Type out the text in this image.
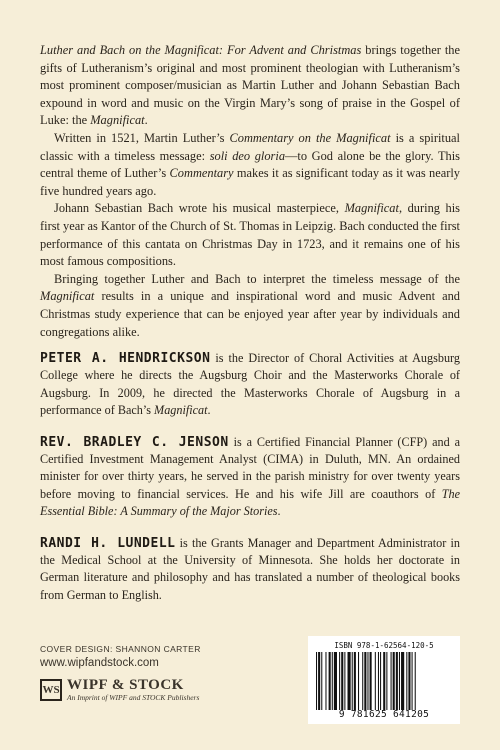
Luther and Bach on the Magnificat: For Advent and Christmas brings together the gifts of Lutheranism’s original and most prominent theologian with Lutheranism’s most prominent composer/musician as Martin Luther and Johann Sebastian Bach expound in word and music on the Virgin Mary’s song of praise in the Gospel of Luke: the Magnificat.

Written in 1521, Martin Luther’s Commentary on the Magnificat is a spiritual classic with a timeless message: soli deo gloria—to God alone be the glory. This central theme of Luther’s Commentary makes it as significant today as it was nearly five hundred years ago.

Johann Sebastian Bach wrote his musical masterpiece, Magnificat, during his first year as Kantor of the Church of St. Thomas in Leipzig. Bach conducted the first performance of this cantata on Christmas Day in 1723, and it remains one of his most famous compositions.

Bringing together Luther and Bach to interpret the timeless message of the Magnificat results in a unique and inspirational word and music Advent and Christmas study experience that can be enjoyed year after year by individuals and congregations alike.

PETER A. HENDRICKSON is the Director of Choral Activities at Augsburg College where he directs the Augsburg Choir and the Masterworks Chorale of Augsburg. In 2009, he directed the Masterworks Chorale of Augsburg in a performance of Bach’s Magnificat.

REV. BRADLEY C. JENSON is a Certified Financial Planner (CFP) and a Certified Investment Management Analyst (CIMA) in Duluth, MN. An ordained minister for over thirty years, he served in the parish ministry for over twenty years before moving to financial services. He and his wife Jill are coauthors of The Essential Bible: A Summary of the Major Stories.

RANDI H. LUNDELL is the Grants Manager and Department Administrator in the Medical School at the University of Minnesota. She holds her doctorate in German literature and philosophy and has translated a number of theological books from German to English.

COVER DESIGN: SHANNON CARTER
www.wipfandstock.com
WS WIPF & STOCK
An Imprint of WIPF and STOCK Publishers
ISBN 978-1-62564-120-5
9 781625 641205
